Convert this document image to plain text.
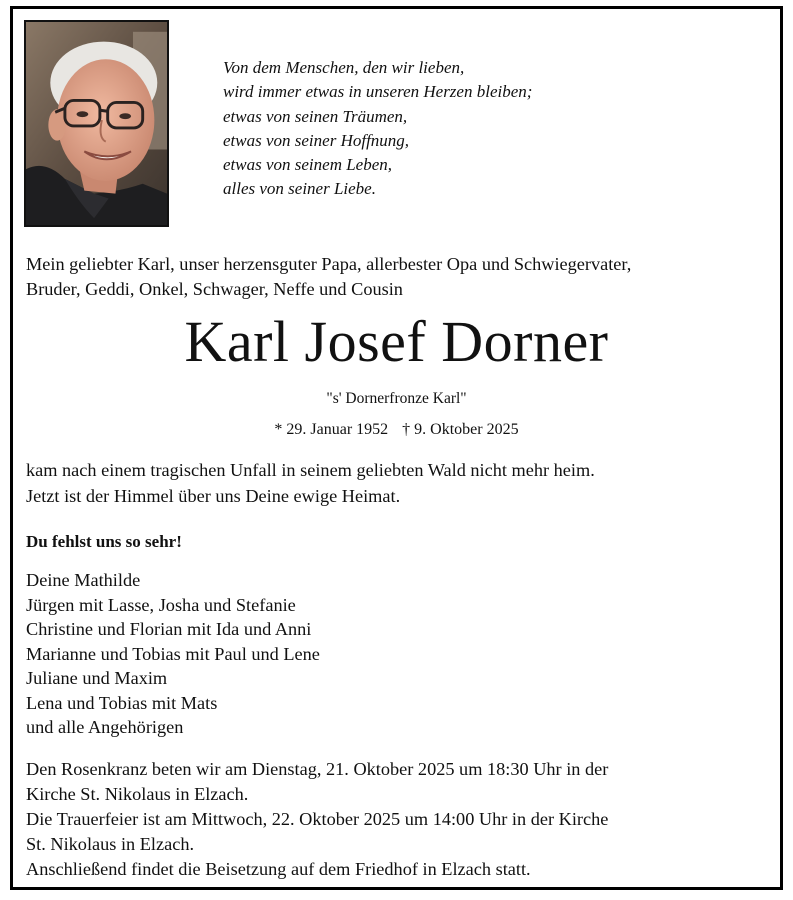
Von dem Menschen, den wir lieben,
wird immer etwas in unseren Herzen bleiben;
etwas von seinen Träumen,
etwas von seiner Hoffnung,
etwas von seinem Leben,
alles von seiner Liebe.
Mein geliebter Karl, unser herzensguter Papa, allerbester Opa und Schwiegervater,
Bruder, Geddi, Onkel, Schwager, Neffe und Cousin
Karl Josef Dorner
"s' Dornerfronze Karl"
* 29. Januar 1952 † 9. Oktober 2025
kam nach einem tragischen Unfall in seinem geliebten Wald nicht mehr heim.
Jetzt ist der Himmel über uns Deine ewige Heimat.
Du fehlst uns so sehr!
Deine Mathilde
Jürgen mit Lasse, Josha und Stefanie
Christine und Florian mit Ida und Anni
Marianne und Tobias mit Paul und Lene
Juliane und Maxim
Lena und Tobias mit Mats
und alle Angehörigen
Den Rosenkranz beten wir am Dienstag, 21. Oktober 2025 um 18:30 Uhr in der
Kirche St. Nikolaus in Elzach.
Die Trauerfeier ist am Mittwoch, 22. Oktober 2025 um 14:00 Uhr in der Kirche
St. Nikolaus in Elzach.
Anschließend findet die Beisetzung auf dem Friedhof in Elzach statt.
